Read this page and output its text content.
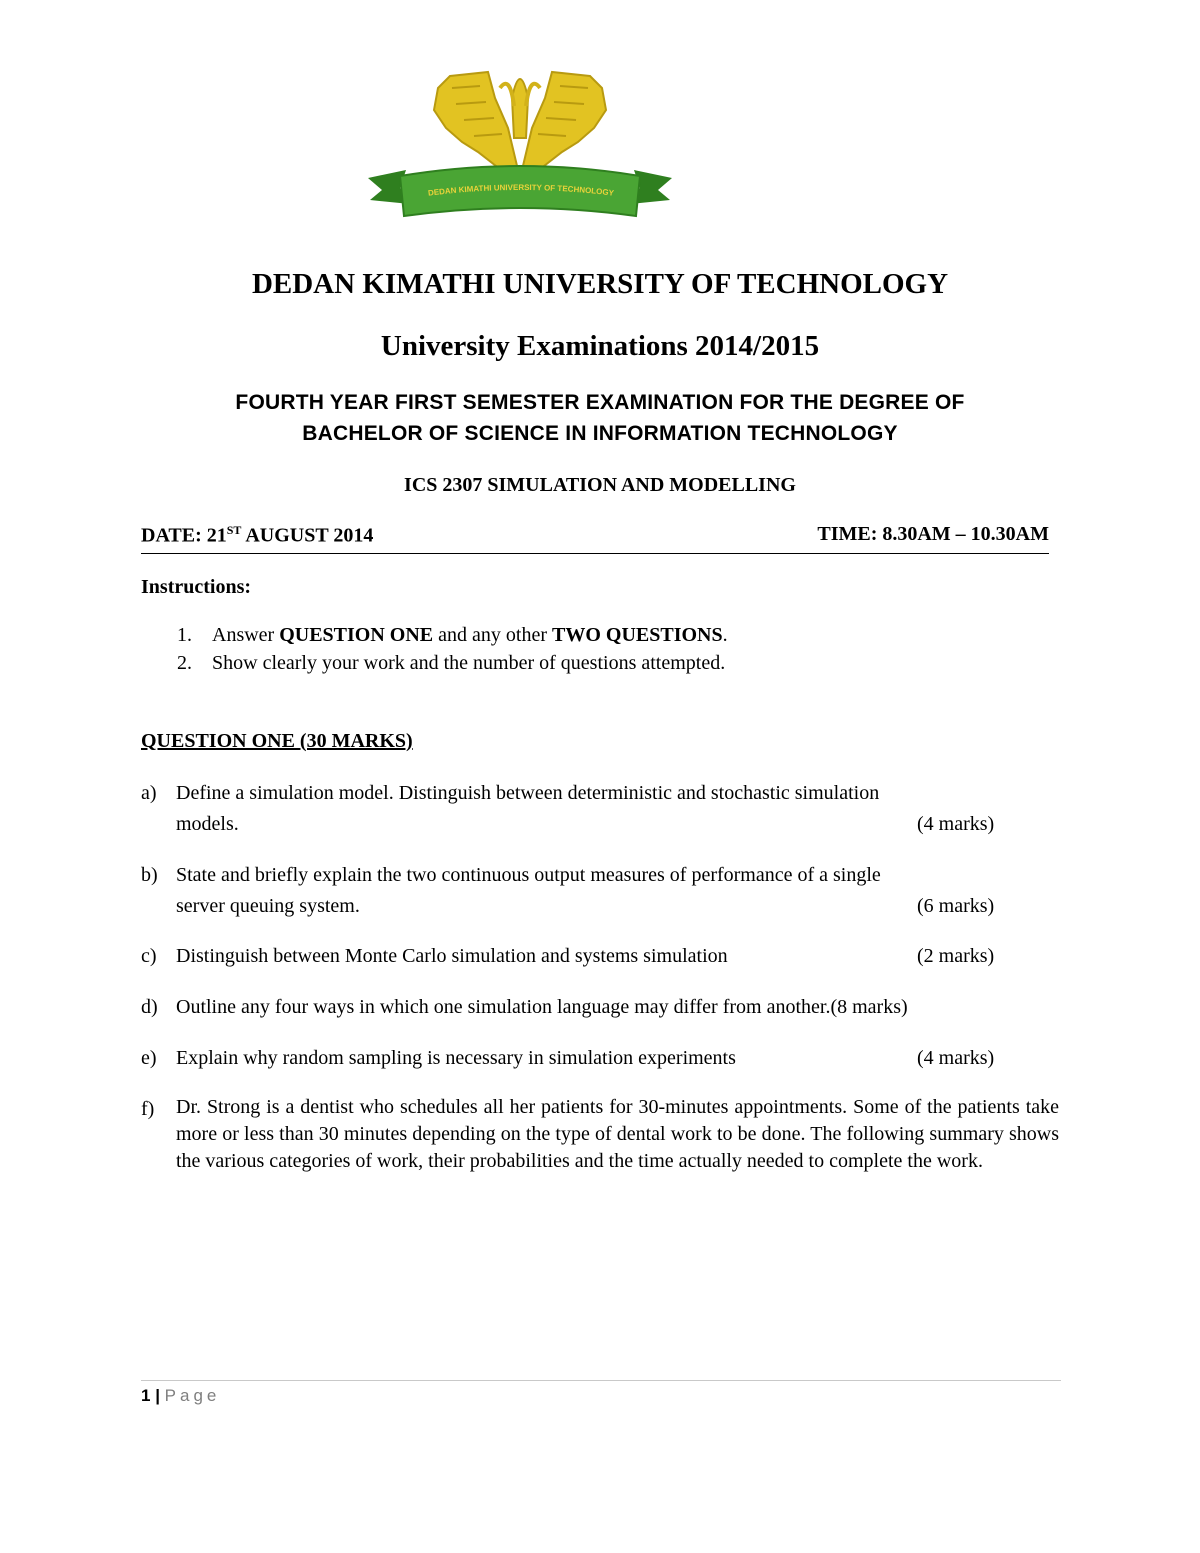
DEDAN KIMATHI UNIVERSITY OF TECHNOLOGY
DEDAN KIMATHI UNIVERSITY OF TECHNOLOGY
University Examinations 2014/2015
FOURTH YEAR FIRST SEMESTER EXAMINATION FOR THE DEGREE OF
BACHELOR OF SCIENCE IN INFORMATION TECHNOLOGY
ICS 2307 SIMULATION AND MODELLING
DATE: 21ST AUGUST 2014	TIME: 8.30AM – 10.30AM
Instructions:
1. Answer QUESTION ONE and any other TWO QUESTIONS.
2. Show clearly your work and the number of questions attempted.
QUESTION ONE (30 MARKS)
a) Define a simulation model. Distinguish between deterministic and stochastic simulation
models.	(4 marks)
b) State and briefly explain the two continuous output measures of performance of a single
server queuing system.	(6 marks)
c) Distinguish between Monte Carlo simulation and systems simulation	(2 marks)
d) Outline any four ways in which one simulation language may differ from another.(8 marks)
e) Explain why random sampling is necessary in simulation experiments	(4 marks)
f) Dr. Strong is a dentist who schedules all her patients for 30-minutes appointments. Some of the patients take more or less than 30 minutes depending on the type of dental work to be done. The following summary shows the various categories of work, their probabilities and the time actually needed to complete the work.
1 | Page
